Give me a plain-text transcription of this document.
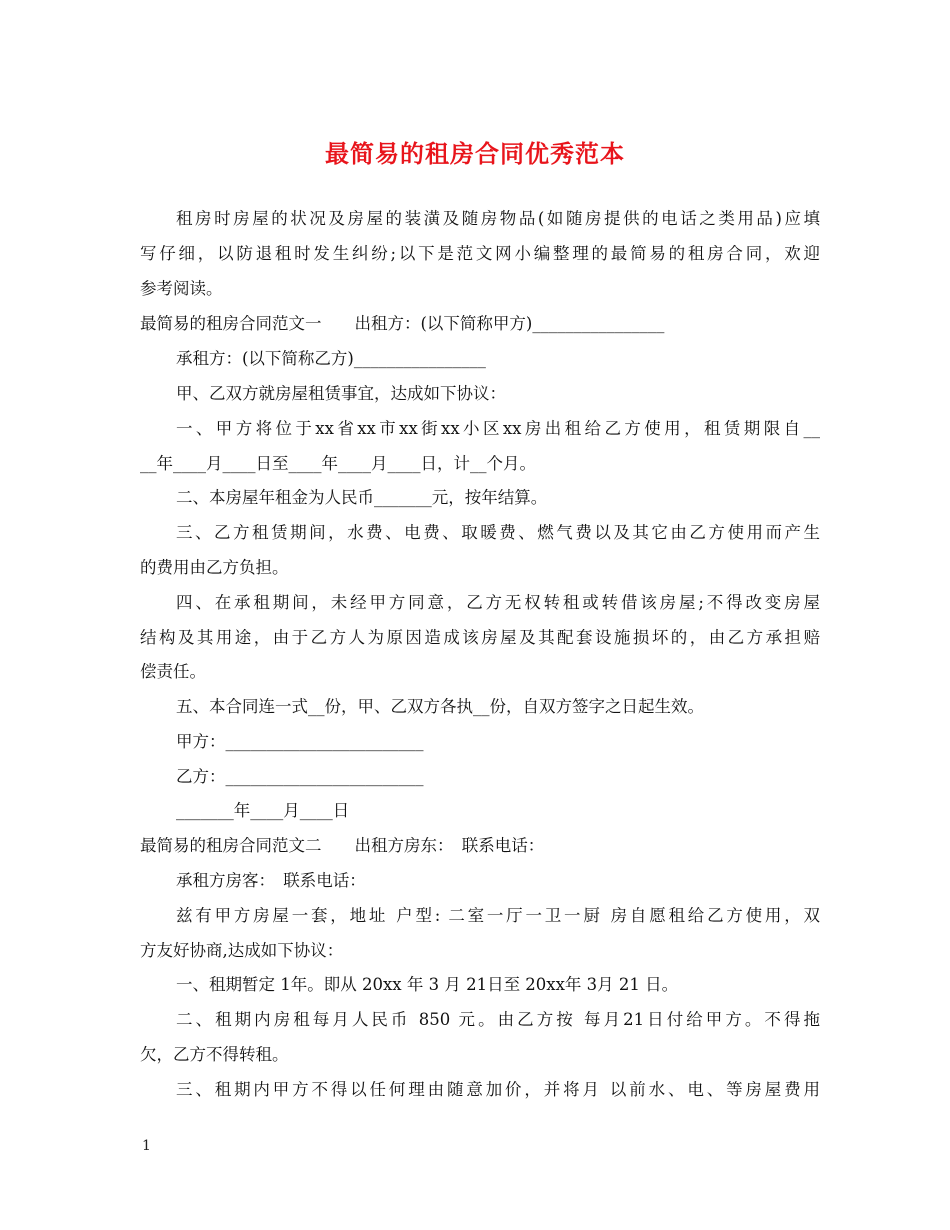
最简易的租房合同优秀范本
租房时房屋的状况及房屋的装潢及随房物品(如随房提供的电话之类用品)应填
写仔细，以防退租时发生纠纷;以下是范文网小编整理的最简易的租房合同，欢迎
参考阅读。
最简易的租房合同范文一　　出租方：(以下简称甲方)________________
承租方：(以下简称乙方)________________
甲、乙双方就房屋租赁事宜，达成如下协议：
一、甲方将位于xx省xx市xx街xx小区xx房出租给乙方使用，租赁期限自__
__年____月____日至____年____月____日，计__个月。
二、本房屋年租金为人民币_______元，按年结算。
三、乙方租赁期间，水费、电费、取暖费、燃气费以及其它由乙方使用而产生
的费用由乙方负担。
四、在承租期间，未经甲方同意，乙方无权转租或转借该房屋;不得改变房屋
结构及其用途，由于乙方人为原因造成该房屋及其配套设施损坏的，由乙方承担赔
偿责任。
五、本合同连一式__份，甲、乙双方各执__份，自双方签字之日起生效。
甲方：________________________
乙方：________________________
_______年____月____日
最简易的租房合同范文二　　出租方房东：　联系电话：
承租方房客：　联系电话：
兹有甲方房屋一套，地址 户型: 二室一厅一卫一厨 房自愿租给乙方使用，双
方友好协商,达成如下协议：
一、租期暂定 1年。即从 20xx 年 3 月 21日至 20xx年 3月 21 日。
二、租期内房租每月人民币 850 元。由乙方按 每月21日付给甲方。不得拖
欠，乙方不得转租。
三、租期内甲方不得以任何理由随意加价，并将月 以前水、电、等房屋费用
1
